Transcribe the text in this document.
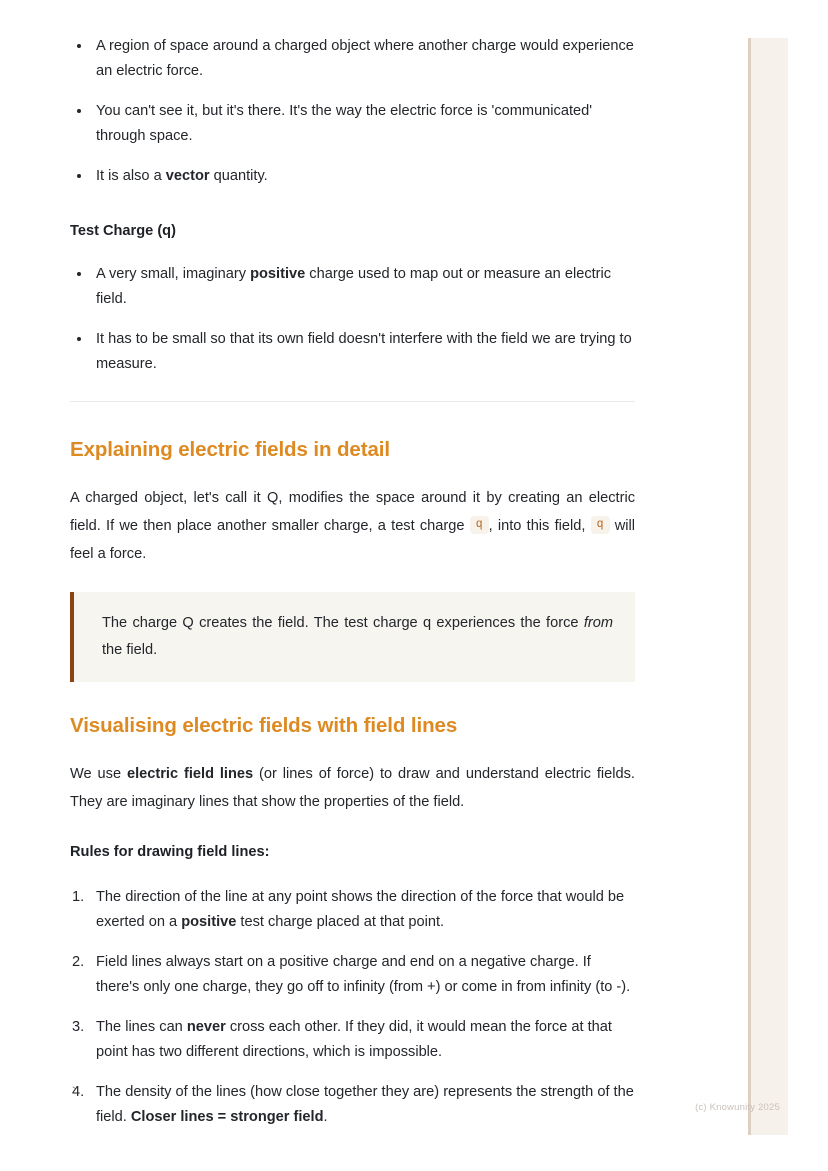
A region of space around a charged object where another charge would experience an electric force.
You can't see it, but it's there. It's the way the electric force is 'communicated' through space.
It is also a vector quantity.

Test Charge (q)

A very small, imaginary positive charge used to map out or measure an electric field.
It has to be small so that its own field doesn't interfere with the field we are trying to measure.
Explaining electric fields in detail

A charged object, let's call it Q, modifies the space around it by creating an electric field. If we then place another smaller charge, a test charge q , into this field, q will feel a force.

The charge Q creates the field. The test charge q experiences the force from the field.
Visualising electric fields with field lines

We use electric field lines (or lines of force) to draw and understand electric fields. They are imaginary lines that show the properties of the field.

Rules for drawing field lines:

The direction of the line at any point shows the direction of the force that would be exerted on a positive test charge placed at that point.
Field lines always start on a positive charge and end on a negative charge. If there's only one charge, they go off to infinity (from +) or come in from infinity (to -).
The lines can never cross each other. If they did, it would mean the force at that point has two different directions, which is impossible.
The density of the lines (how close together they are) represents the strength of the field. Closer lines = stronger field.
`
(c) Knowunity 2025
